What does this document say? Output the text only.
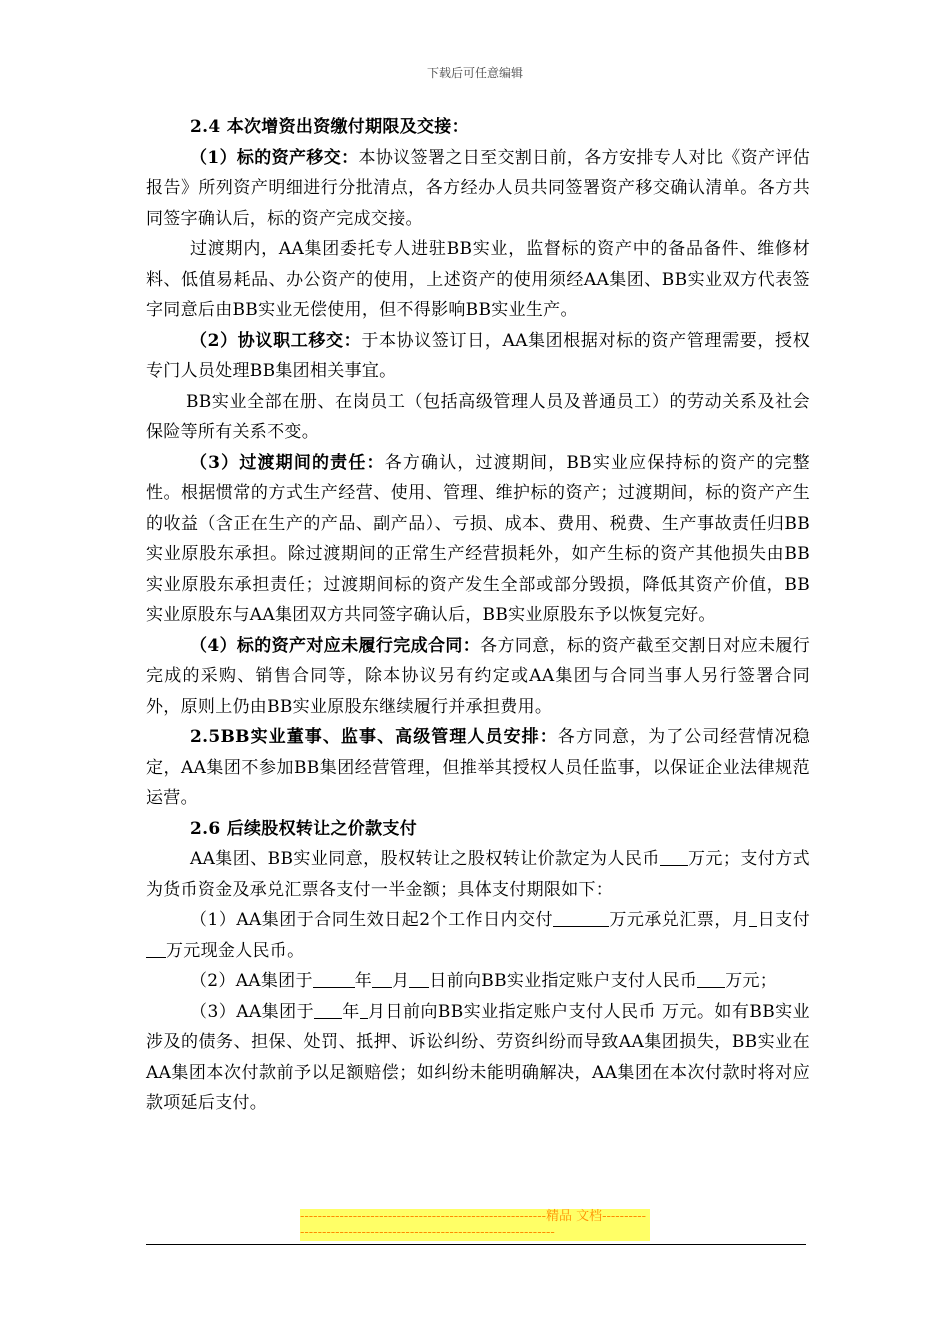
下载后可任意编辑

2.4 本次增资出资缴付期限及交接：

（1）标的资产移交：本协议签署之日至交割日前，各方安排专人对比《资产评估报告》所列资产明细进行分批清点，各方经办人员共同签署资产移交确认清单。各方共同签字确认后，标的资产完成交接。

过渡期内，AA集团委托专人进驻BB实业，监督标的资产中的备品备件、维修材料、低值易耗品、办公资产的使用，上述资产的使用须经AA集团、BB实业双方代表签字同意后由BB实业无偿使用，但不得影响BB实业生产。

（2）协议职工移交：于本协议签订日，AA集团根据对标的资产管理需要，授权专门人员处理BB集团相关事宜。

BB实业全部在册、在岗员工（包括高级管理人员及普通员工）的劳动关系及社会保险等所有关系不变。

（3）过渡期间的责任：各方确认，过渡期间，BB实业应保持标的资产的完整性。根据惯常的方式生产经营、使用、管理、维护标的资产；过渡期间，标的资产产生的收益（含正在生产的产品、副产品）、亏损、成本、费用、税费、生产事故责任归BB实业原股东承担。除过渡期间的正常生产经营损耗外，如产生标的资产其他损失由BB实业原股东承担责任；过渡期间标的资产发生全部或部分毁损，降低其资产价值，BB实业原股东与AA集团双方共同签字确认后，BB实业原股东予以恢复完好。

（4）标的资产对应未履行完成合同：各方同意，标的资产截至交割日对应未履行完成的采购、销售合同等，除本协议另有约定或AA集团与合同当事人另行签署合同外，原则上仍由BB实业原股东继续履行并承担费用。

2.5BB实业董事、监事、高级管理人员安排：各方同意，为了公司经营情况稳定，AA集团不参加BB集团经营管理，但推举其授权人员任监事，以保证企业法律规范运营。

2.6 后续股权转让之价款支付

AA集团、BB实业同意，股权转让之股权转让价款定为人民币 万元；支付方式为货币资金及承兑汇票各支付一半金额；具体支付期限如下：

（1）AA集团于合同生效日起2个工作日内交付	万元承兑汇票，月 日支付万元现金人民币。

（2）AA集团于 年 月 日前向BB实业指定账户支付人民币 万元；

（3）AA集团于 年 月日前向BB实业指定账户支付人民币 万元。如有BB实业涉及的债务、担保、处罚、抵押、诉讼纠纷、劳资纠纷而导致AA集团损失，BB实业在AA集团本次付款前予以足额赔偿；如纠纷未能明确解决，AA集团在本次付款时将对应款项延后支付。

--------------------------------------------------------精品 文档--------------------------------------------------------------------
